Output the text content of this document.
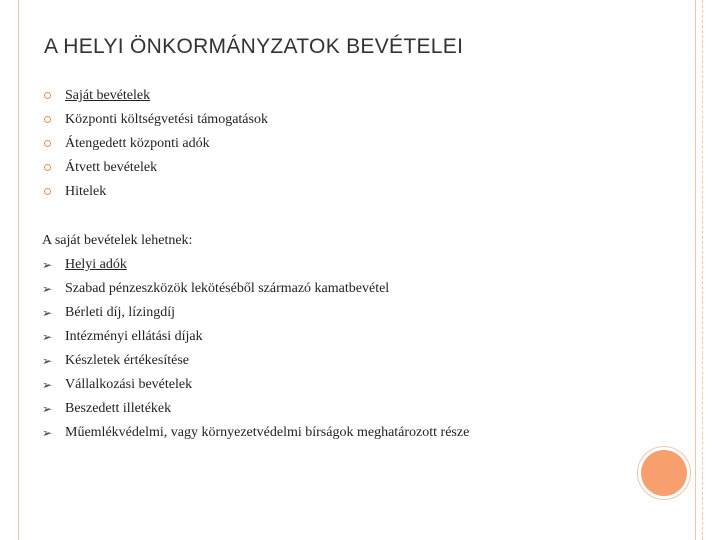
A HELYI ÖNKORMÁNYZATOK BEVÉTELEI
Saját bevételek
Központi költségvetési támogatások
Átengedett központi adók
Átvett bevételek
Hitelek
A saját bevételek lehetnek:
➢ Helyi adók
➢ Szabad pénzeszközök lekötéséből származó kamatbevétel
➢ Bérleti díj, lízingdíj
➢ Intézményi ellátási díjak
➢ Készletek értékesítése
➢ Vállalkozási bevételek
➢ Beszedett illetékek
➢ Műemlékvédelmi, vagy környezetvédelmi bírságok meghatározott része
